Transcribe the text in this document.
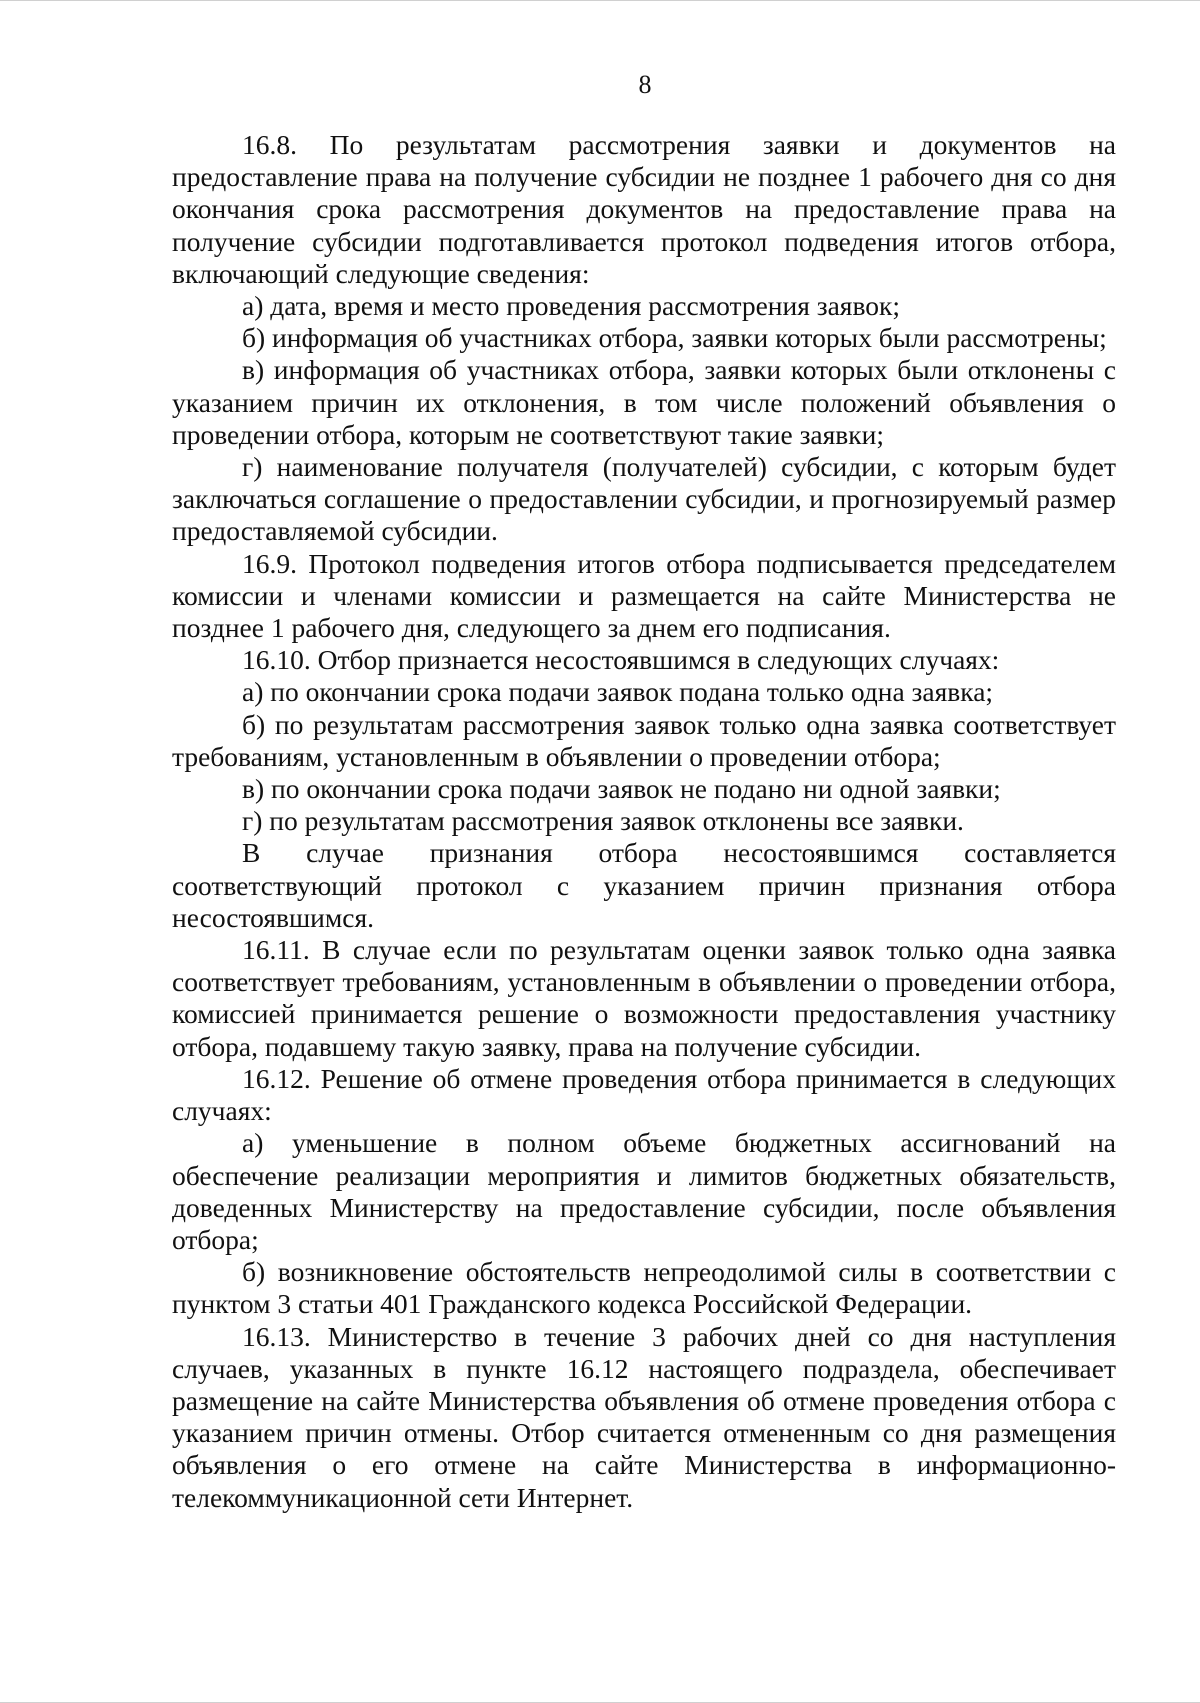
8

16.8. По результатам рассмотрения заявки и документов на предоставление права на получение субсидии не позднее 1 рабочего дня со дня окончания срока рассмотрения документов на предоставление права на получение субсидии подготавливается протокол подведения итогов отбора, включающий следующие сведения:

а) дата, время и место проведения рассмотрения заявок;

б) информация об участниках отбора, заявки которых были рассмотрены;

в) информация об участниках отбора, заявки которых были отклонены с указанием причин их отклонения, в том числе положений объявления о проведении отбора, которым не соответствуют такие заявки;

г) наименование получателя (получателей) субсидии, с которым будет заключаться соглашение о предоставлении субсидии, и прогнозируемый размер предоставляемой субсидии.

16.9. Протокол подведения итогов отбора подписывается председателем комиссии и членами комиссии и размещается на сайте Министерства не позднее 1 рабочего дня, следующего за днем его подписания.

16.10. Отбор признается несостоявшимся в следующих случаях:

а) по окончании срока подачи заявок подана только одна заявка;

б) по результатам рассмотрения заявок только одна заявка соответствует требованиям, установленным в объявлении о проведении отбора;

в) по окончании срока подачи заявок не подано ни одной заявки;

г) по результатам рассмотрения заявок отклонены все заявки.

В случае признания отбора несостоявшимся составляется соответствующий протокол с указанием причин признания отбора несостоявшимся.

16.11. В случае если по результатам оценки заявок только одна заявка соответствует требованиям, установленным в объявлении о проведении отбора, комиссией принимается решение о возможности предоставления участнику отбора, подавшему такую заявку, права на получение субсидии.

16.12. Решение об отмене проведения отбора принимается в следующих случаях:

а) уменьшение в полном объеме бюджетных ассигнований на обеспечение реализации мероприятия и лимитов бюджетных обязательств, доведенных Министерству на предоставление субсидии, после объявления отбора;

б) возникновение обстоятельств непреодолимой силы в соответствии с пунктом 3 статьи 401 Гражданского кодекса Российской Федерации.

16.13. Министерство в течение 3 рабочих дней со дня наступления случаев, указанных в пункте 16.12 настоящего подраздела, обеспечивает размещение на сайте Министерства объявления об отмене проведения отбора с указанием причин отмены. Отбор считается отмененным со дня размещения объявления о его отмене на сайте Министерства в информационно-телекоммуникационной сети Интернет.
